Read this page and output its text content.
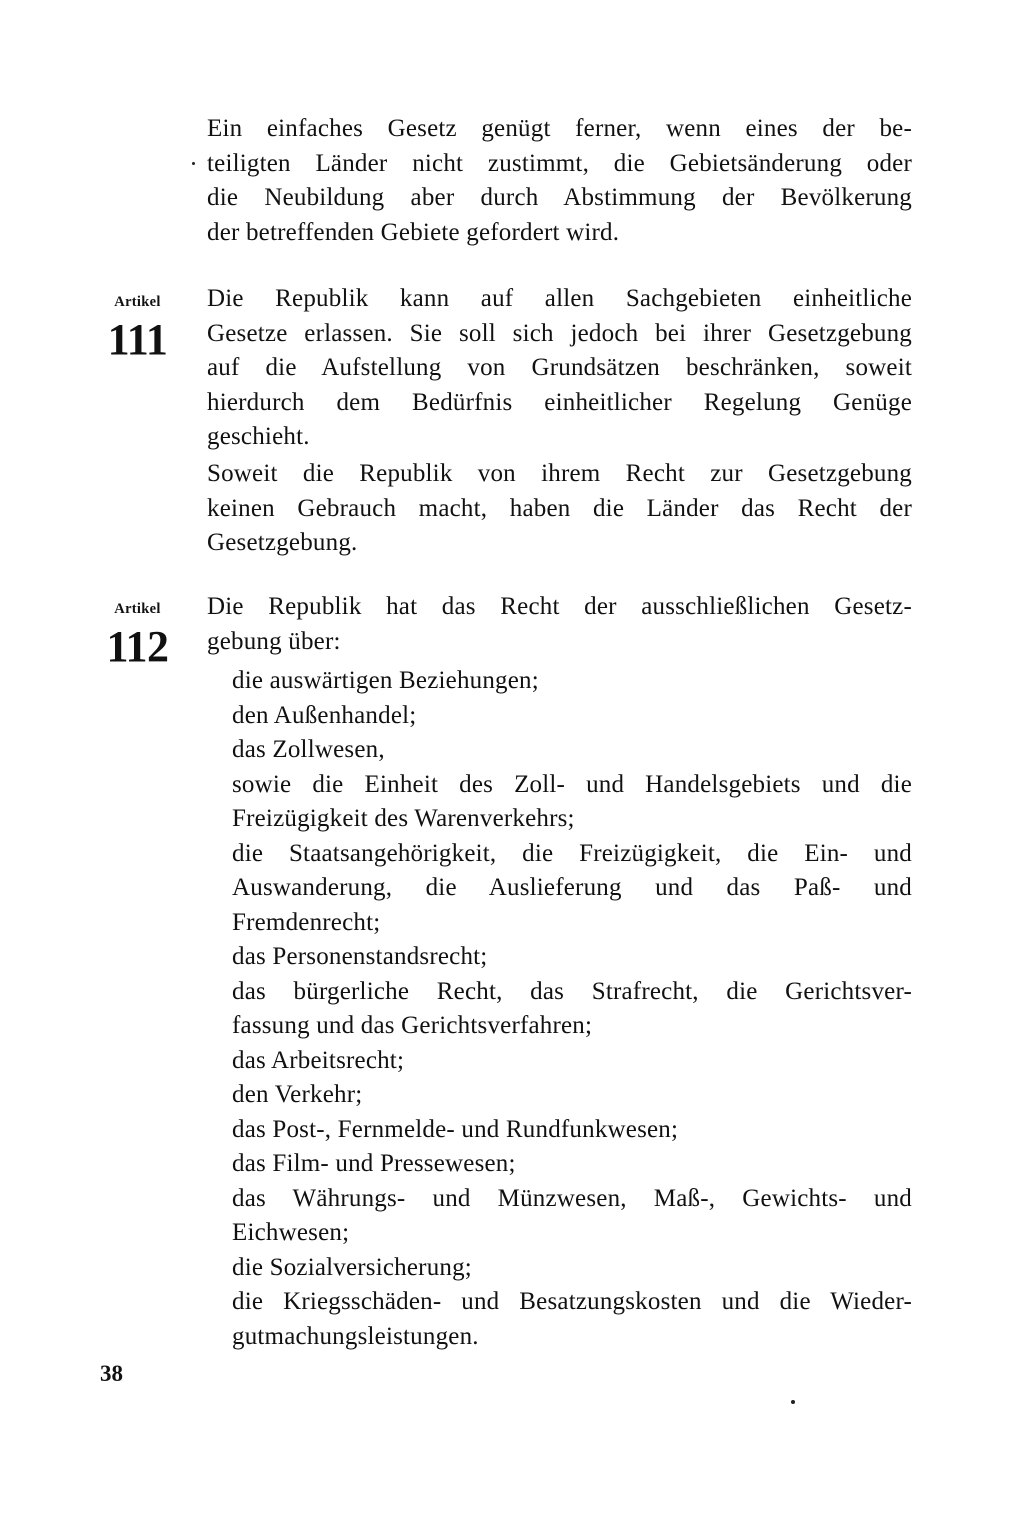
Ein einfaches Gesetz genügt ferner, wenn eines der be-
teiligten Länder nicht zustimmt, die Gebietsänderung oder
die Neubildung aber durch Abstimmung der Bevölkerung
der betreffenden Gebiete gefordert wird.
Artikel
111
Die Republik kann auf allen Sachgebieten einheitliche
Gesetze erlassen. Sie soll sich jedoch bei ihrer Gesetzgebung
auf die Aufstellung von Grundsätzen beschränken, soweit
hierdurch dem Bedürfnis einheitlicher Regelung Genüge
geschieht.
Soweit die Republik von ihrem Recht zur Gesetzgebung
keinen Gebrauch macht, haben die Länder das Recht der
Gesetzgebung.
Artikel
112
Die Republik hat das Recht der ausschließlichen Gesetz-
gebung über:
die auswärtigen Beziehungen;
den Außenhandel;
das Zollwesen,
sowie die Einheit des Zoll- und Handelsgebiets und die
Freizügigkeit des Warenverkehrs;
die Staatsangehörigkeit, die Freizügigkeit, die Ein- und
Auswanderung, die Auslieferung und das Paß- und
Fremdenrecht;
das Personenstandsrecht;
das bürgerliche Recht, das Strafrecht, die Gerichtsver-
fassung und das Gerichtsverfahren;
das Arbeitsrecht;
den Verkehr;
das Post-, Fernmelde- und Rundfunkwesen;
das Film- und Pressewesen;
das Währungs- und Münzwesen, Maß-, Gewichts- und
Eichwesen;
die Sozialversicherung;
die Kriegsschäden- und Besatzungskosten und die Wieder-
gutmachungsleistungen.
38
